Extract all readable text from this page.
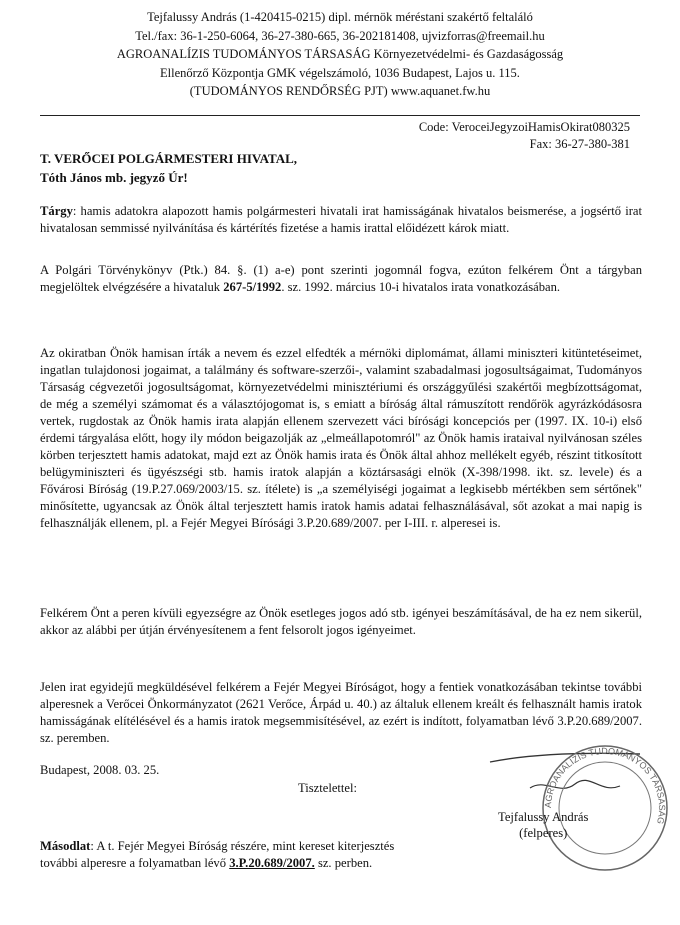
Tejfalussy András (1-420415-0215) dipl. mérnök méréstani szakértő feltaláló
Tel./fax: 36-1-250-6064, 36-27-380-665, 36-202181408, ujvizforras@freemail.hu
AGROANALÍZIS TUDOMÁNYOS TÁRSASÁG Környezetvédelmi- és Gazdaságosság
Ellenőrző Központja GMK végelszámoló, 1036 Budapest, Lajos u. 115.
(TUDOMÁNYOS RENDŐRSÉG PJT) www.aquanet.fw.hu
Code: VeroceiJegyzoiHamisOkirat080325
Fax: 36-27-380-381
T. VERŐCEI POLGÁRMESTERI HIVATAL,
Tóth János mb. jegyző Úr!
Tárgy: hamis adatokra alapozott hamis polgármesteri hivatali irat hamisságának hivatalos beismerése, a jogsértő irat hivatalosan semmissé nyilvánítása és kártérítés fizetése a hamis irattal előidézett károk miatt.
A Polgári Törvénykönyv (Ptk.) 84. §. (1) a-e) pont szerinti jogomnál fogva, ezúton felkérem Önt a tárgyban megjelöltek elvégzésére a hivataluk 267-5/1992. sz. 1992. március 10-i hivatalos irata vonatkozásában.
Az okiratban Önök hamisan írták a nevem és ezzel elfedték a mérnöki diplomámat, állami miniszteri kitüntetéseimet, ingatlan tulajdonosi jogaimat, a találmány és software-szerzői-, valamint szabadalmasi jogosultságaimat, Tudományos Társaság cégvezetői jogosultságomat, környezetvédelmi minisztériumi és országgyűlési szakértői megbízottságomat, de még a személyi számomat és a választójogomat is, s emiatt a bíróság által rámuszított rendőrök agyrázkódásosra vertek, rugdostak az Önök hamis irata alapján ellenem szervezett váci bírósági koncepciós per (1997. IX. 10-i) első érdemi tárgyalása előtt, hogy ily módon beigazolják az „elmeállapotomról" az Önök hamis irataival nyilvánosan széles körben terjesztett hamis adatokat, majd ezt az Önök hamis irata és Önök által ahhoz mellékelt egyéb, részint titkosított belügyminiszteri és ügyészségi stb. hamis iratok alapján a köztársasági elnök (X-398/1998. ikt. sz. levele) és a Fővárosi Bíróság (19.P.27.069/2003/15. sz. ítélete) is „a személyiségi jogaimat a legkisebb mértékben sem sértőnek" minősítette, ugyancsak az Önök által terjesztett hamis iratok hamis adatai felhasználásával, sőt azokat a mai napig is felhasználják ellenem, pl. a Fejér Megyei Bírósági 3.P.20.689/2007. per I-III. r. alperesei is.
Felkérem Önt a peren kívüli egyezségre az Önök esetleges jogos adó stb. igényei beszámításával, de ha ez nem sikerül, akkor az alábbi per útján érvényesítenem a fent felsorolt jogos igényeimet.
Jelen irat egyidejű megküldésével felkérem a Fejér Megyei Bíróságot, hogy a fentiek vonatkozásában tekintse további alperesnek a Verőcei Önkormányzatot (2621 Verőce, Árpád u. 40.) az általuk ellenem kreált és felhasznált hamis iratok hamisságának elítélésével és a hamis iratok megsemmisítésével, az ezért is indított, folyamatban lévő 3.P.20.689/2007. sz. peremben.
Budapest, 2008. 03. 25.
Tisztelettel:
AGROANALÍZIS TUDOMÁNYOS TÁRSASÁG
Tejfalussy András
(felperes)
Másodlat: A t. Fejér Megyei Bíróság részére, mint kereset kiterjesztés
további alperesre a folyamatban lévő 3.P.20.689/2007. sz. perben.
